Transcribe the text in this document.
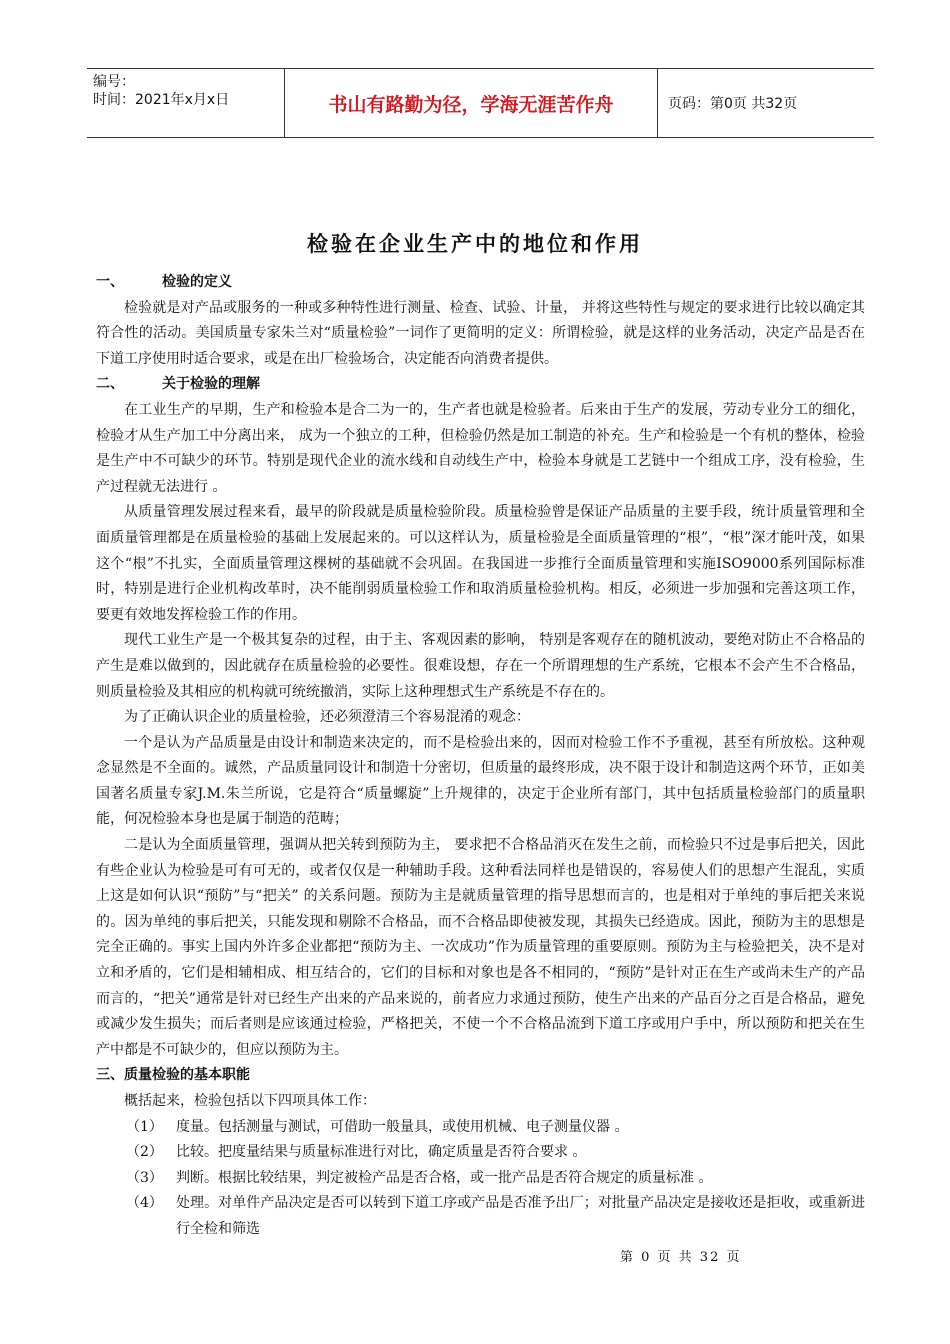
编号：
时间：2021年x月x日	书山有路勤为径，学海无涯苦作舟	页码：第0页 共32页
检验在企业生产中的地位和作用
一、	检验的定义

检验就是对产品或服务的一种或多种特性进行测量、检查、试验、计量， 并将这些特性与规定的要求进行比较以确定其符合性的活动。美国质量专家朱兰对“质量检验”一词作了更简明的定义：所谓检验，就是这样的业务活动，决定产品是否在下道工序使用时适合要求，或是在出厂检验场合，决定能否向消费者提供。

二、	关于检验的理解

在工业生产的早期，生产和检验本是合二为一的，生产者也就是检验者。后来由于生产的发展，劳动专业分工的细化，检验才从生产加工中分离出来， 成为一个独立的工种，但检验仍然是加工制造的补充。生产和检验是一个有机的整体，检验是生产中不可缺少的环节。特别是现代企业的流水线和自动线生产中，检验本身就是工艺链中一个组成工序，没有检验，生产过程就无法进行 。

从质量管理发展过程来看，最早的阶段就是质量检验阶段。质量检验曾是保证产品质量的主要手段，统计质量管理和全面质量管理都是在质量检验的基础上发展起来的。可以这样认为，质量检验是全面质量管理的“根”，“根”深才能叶茂，如果这个“根”不扎实，全面质量管理这棵树的基础就不会巩固。在我国进一步推行全面质量管理和实施ISO9000系列国际标准时，特别是进行企业机构改革时，决不能削弱质量检验工作和取消质量检验机构。相反，必须进一步加强和完善这项工作，要更有效地发挥检验工作的作用。

现代工业生产是一个极其复杂的过程，由于主、客观因素的影响， 特别是客观存在的随机波动，要绝对防止不合格品的产生是难以做到的，因此就存在质量检验的必要性。很难设想，存在一个所谓理想的生产系统，它根本不会产生不合格品，则质量检验及其相应的机构就可统统撤消，实际上这种理想式生产系统是不存在的。

为了正确认识企业的质量检验，还必须澄清三个容易混淆的观念：

一个是认为产品质量是由设计和制造来决定的，而不是检验出来的，因而对检验工作不予重视，甚至有所放松。这种观念显然是不全面的。诚然，产品质量同设计和制造十分密切，但质量的最终形成，决不限于设计和制造这两个环节，正如美国著名质量专家J.M.朱兰所说，它是符合“质量螺旋”上升规律的，决定于企业所有部门，其中包括质量检验部门的质量职能，何况检验本身也是属于制造的范畴；

二是认为全面质量管理，强调从把关转到预防为主， 要求把不合格品消灭在发生之前，而检验只不过是事后把关，因此有些企业认为检验是可有可无的，或者仅仅是一种辅助手段。这种看法同样也是错误的，容易使人们的思想产生混乱，实质上这是如何认识“预防”与“把关” 的关系问题。预防为主是就质量管理的指导思想而言的，也是相对于单纯的事后把关来说的。因为单纯的事后把关，只能发现和剔除不合格品，而不合格品即使被发现，其损失已经造成。因此，预防为主的思想是完全正确的。事实上国内外许多企业都把“预防为主、一次成功”作为质量管理的重要原则。预防为主与检验把关，决不是对立和矛盾的，它们是相辅相成、相互结合的，它们的目标和对象也是各不相同的，“预防”是针对正在生产或尚未生产的产品而言的，“把关”通常是针对已经生产出来的产品来说的，前者应力求通过预防，使生产出来的产品百分之百是合格品，避免或减少发生损失；而后者则是应该通过检验，严格把关，不使一个不合格品流到下道工序或用户手中，所以预防和把关在生产中都是不可缺少的，但应以预防为主。

三、 质量检验的基本职能

概括起来，检验包括以下四项具体工作：

（1） 度量。包括测量与测试，可借助一般量具，或使用机械、电子测量仪器 。
（2） 比较。把度量结果与质量标准进行对比，确定质量是否符合要求 。
（3） 判断。根据比较结果，判定被检产品是否合格，或一批产品是否符合规定的质量标准 。
（4） 处理。对单件产品决定是否可以转到下道工序或产品是否准予出厂；对批量产品决定是接收还是拒收，或重新进行全检和筛选
第 0 页 共 32 页
